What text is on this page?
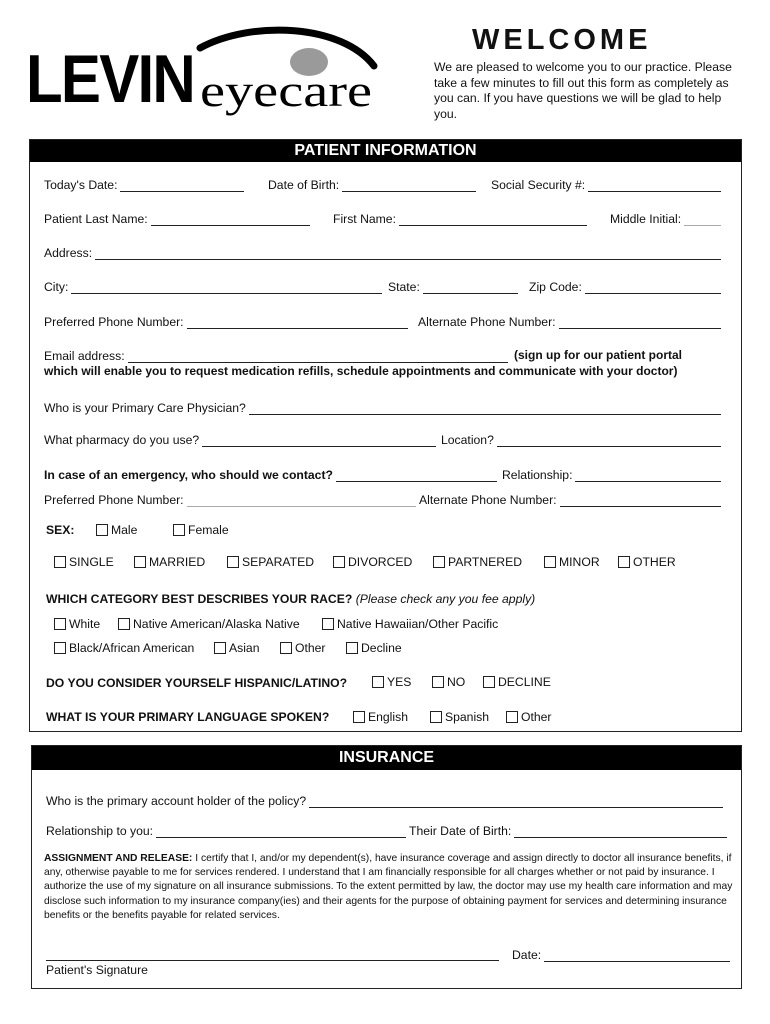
LEVIN eyecare
WELCOME
We are pleased to welcome you to our practice. Please take a few minutes to fill out this form as completely as you can. If you have questions we will be glad to help you.
PATIENT INFORMATION
Today's Date:	Date of Birth:	Social Security #:
Patient Last Name:	First Name:	Middle Initial:
Address:
City:	State:	Zip Code:
Preferred Phone Number:	Alternate Phone Number:
Email address:	(sign up for our patient portal
which will enable you to request medication refills, schedule appointments and communicate with your doctor)
Who is your Primary Care Physician?
What pharmacy do you use?	Location?
In case of an emergency, who should we contact?	Relationship:
Preferred Phone Number:	Alternate Phone Number:
SEX:	Male	Female
SINGLE	MARRIED	SEPARATED	DIVORCED	PARTNERED	MINOR	OTHER
WHICH CATEGORY BEST DESCRIBES YOUR RACE? (Please check any you fee apply)
White	Native American/Alaska Native	Native Hawaiian/Other Pacific
Black/African American	Asian	Other	Decline
DO YOU CONSIDER YOURSELF HISPANIC/LATINO?	YES	NO	DECLINE
WHAT IS YOUR PRIMARY LANGUAGE SPOKEN?	English	Spanish	Other
INSURANCE
Who is the primary account holder of the policy?
Relationship to you:	Their Date of Birth:
ASSIGNMENT AND RELEASE: I certify that I, and/or my dependent(s), have insurance coverage and assign directly to doctor all insurance benefits, if any, otherwise payable to me for services rendered. I understand that I am financially responsible for all charges whether or not paid by insurance. I authorize the use of my signature on all insurance submissions. To the extent permitted by law, the doctor may use my health care information and may disclose such information to my insurance company(ies) and their agents for the purpose of obtaining payment for services and determining insurance benefits or the benefits payable for related services.
Date:
Patient's Signature
